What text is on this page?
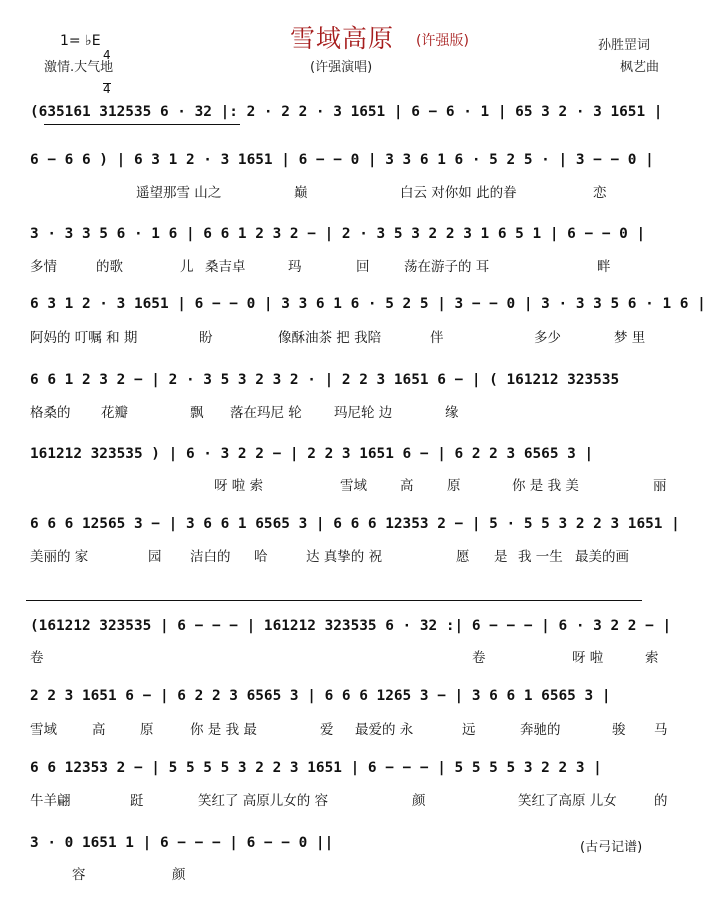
1= ♭E

4

4

雪域高原 (许强版)	孙胜罡词
激情.大气地	(许强演唱)	枫艺曲
(635161 312535 6 · 32 |: 2 · 2 2 · 3 1651 | 6 − 6 · 1 | 65 3 2 · 3 1651 |
6 − 6 6 ) | 6 3 1 2 · 3 1651 | 6 − − 0 | 3 3 6 1 6 · 5 2 5 · | 3 − − 0 |
遥望那雪 山之	巅	白云 对你如 此的眷	恋
3 · 3 3 5 6 · 1 6 | 6 6 1 2 3 2 − | 2 · 3 5 3 2 2 3 1 6 5 1 | 6 − − 0 |
多情	的歌	儿 桑吉卓	玛	回	荡在游子的 耳	畔
6 3 1 2 · 3 1651 | 6 − − 0 | 3 3 6 1 6 · 5 2 5 | 3 − − 0 | 3 · 3 3 5 6 · 1 6 |
阿妈的 叮嘱 和 期	盼	像酥油茶 把 我陪	伴	多少	梦 里
6 6 1 2 3 2 − | 2 · 3 5 3 2 3 2 · | 2 2 3 1651 6 − | ( 161212 323535
格桑的 花瓣	飘 落在玛尼 轮 玛尼轮 边	缘
161212 323535 ) | 6 · 3 2 2 − | 2 2 3 1651 6 − | 6 2 2 3 6565 3 |
呀 啦 索	雪域 高 原	你 是 我 美	丽
6 6 6 12565 3 − | 3 6 6 1 6565 3 | 6 6 6 12353 2 − | 5 · 5 5 3 2 2 3 1651 |
美丽的 家	园 洁白的 哈	达 真挚的 祝	愿 是 我 一生 最美的画
(161212 323535 | 6 − − − | 161212 323535 6 · 32 :| 6 − − − | 6 · 3 2 2 − |
卷	卷	呀 啦	索
2 2 3 1651 6 − | 6 2 2 3 6565 3 | 6 6 6 1265 3 − | 3 6 6 1 6565 3 |
雪域	高	原	你 是 我 最	爱 最爱的 永	远	奔驰的	骏 马
6 6 12353 2 − | 5 5 5 5 3 2 2 3 1651 | 6 − − − | 5 5 5 5 3 2 2 3 |
牛羊翩	跹	笑红了 高原儿女的 容	颜	笑红了高原 儿女	的
3 · 0 1651 1 | 6 − − − | 6 − − 0 ||
容	颜
(古弓记谱)
